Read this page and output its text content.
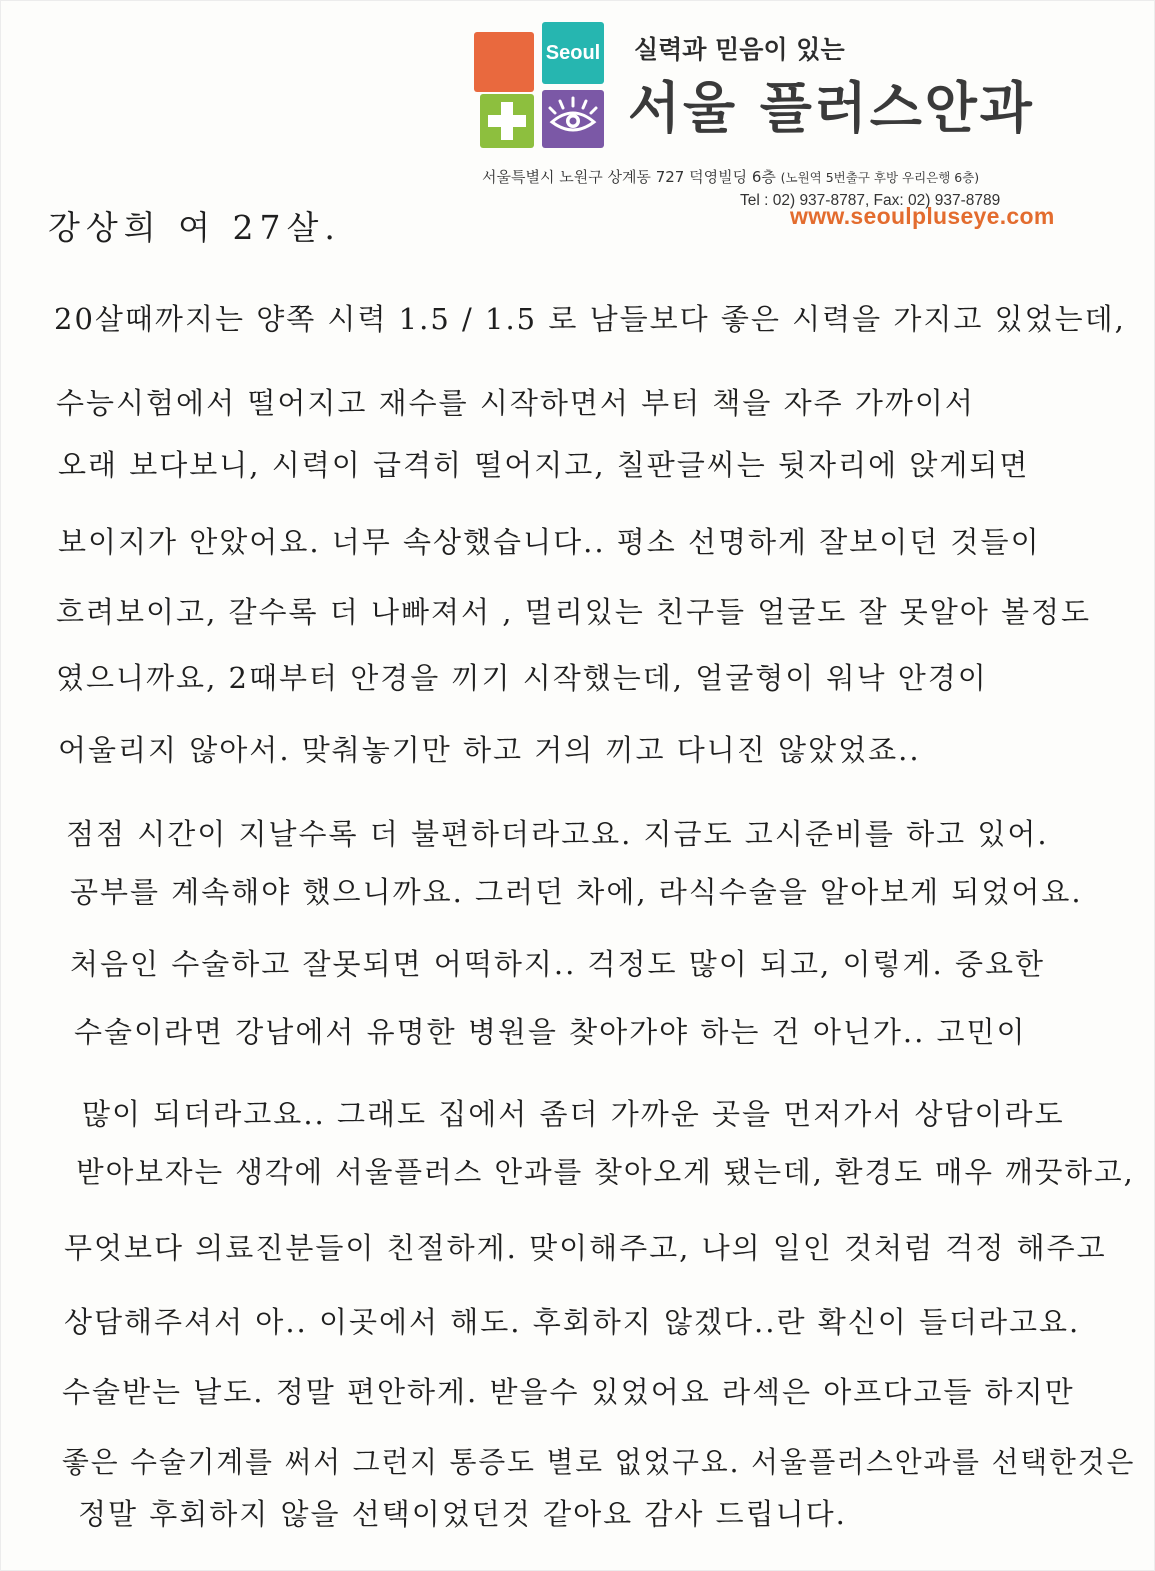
Seoul 실력과 믿음이 있는
서울 플러스안과
서울특별시 노원구 상계동 727 덕영빌딩 6층 (노원역 5번출구 후방 우리은행 6층)
Tel : 02) 937-8787, Fax: 02) 937-8789
www.seoulpluseye.com
강상희 여 27살.
20살때까지는 양쪽 시력 1.5 / 1.5 로 남들보다 좋은 시력을 가지고 있었는데,
수능시험에서 떨어지고 재수를 시작하면서 부터 책을 자주 가까이서
오래 보다보니, 시력이 급격히 떨어지고, 칠판글씨는 뒷자리에 앉게되면
보이지가 안았어요. 너무 속상했습니다.. 평소 선명하게 잘보이던 것들이
흐려보이고, 갈수록 더 나빠져서 , 멀리있는 친구들 얼굴도 잘 못알아 볼정도
였으니까요, 2때부터 안경을 끼기 시작했는데, 얼굴형이 워낙 안경이
어울리지 않아서. 맞춰놓기만 하고 거의 끼고 다니진 않았었죠..
점점 시간이 지날수록 더 불편하더라고요. 지금도 고시준비를 하고 있어.
공부를 계속해야 했으니까요. 그러던 차에, 라식수술을 알아보게 되었어요.
처음인 수술하고 잘못되면 어떡하지.. 걱정도 많이 되고, 이렇게. 중요한
수술이라면 강남에서 유명한 병원을 찾아가야 하는 건 아닌가.. 고민이
많이 되더라고요.. 그래도 집에서 좀더 가까운 곳을 먼저가서 상담이라도
받아보자는 생각에 서울플러스 안과를 찾아오게 됐는데, 환경도 매우 깨끗하고,
무엇보다 의료진분들이 친절하게. 맞이해주고, 나의 일인 것처럼 걱정 해주고
상담해주셔서 아.. 이곳에서 해도. 후회하지 않겠다..란 확신이 들더라고요.
수술받는 날도. 정말 편안하게. 받을수 있었어요 라섹은 아프다고들 하지만
좋은 수술기계를 써서 그런지 통증도 별로 없었구요. 서울플러스안과를 선택한것은
정말 후회하지 않을 선택이었던것 같아요 감사 드립니다.
